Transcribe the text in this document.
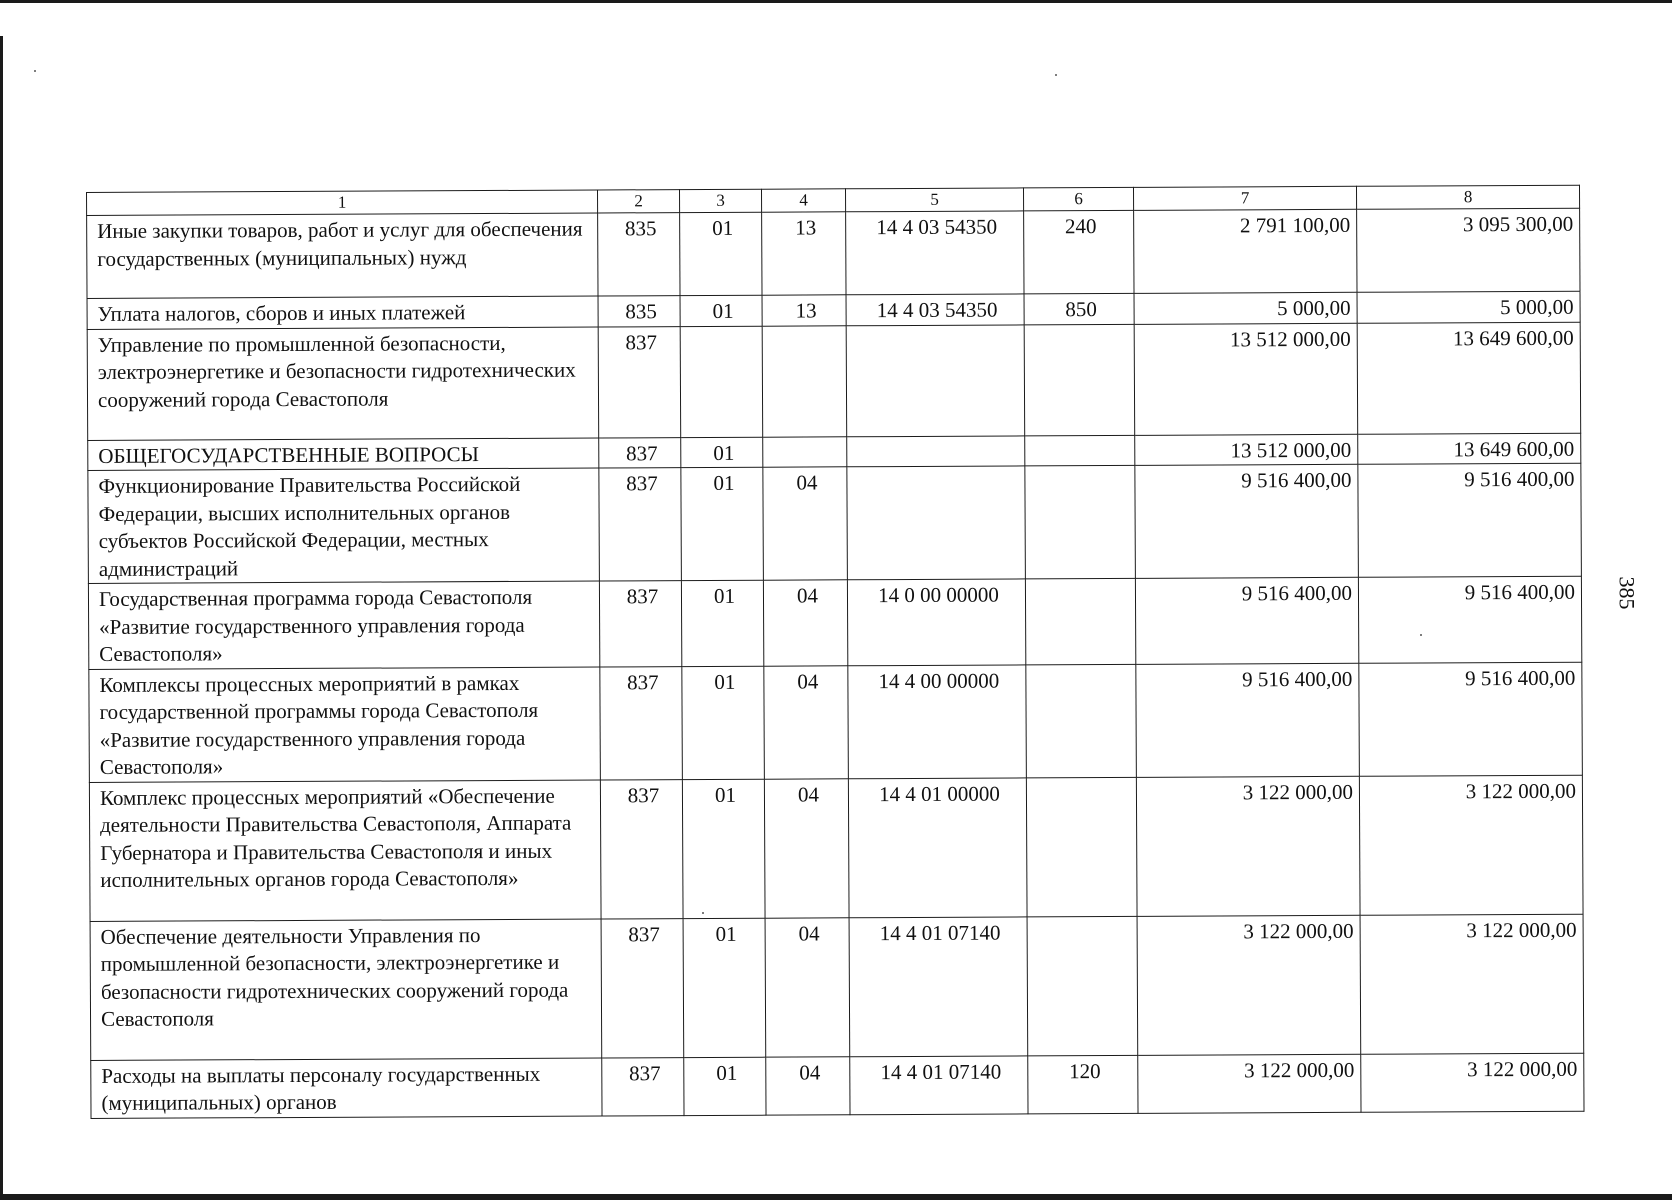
385
1	2	3	4	5	6	7	8
Иные закупки товаров, работ и услуг для обеспечения государственных (муниципальных) нужд	835	01	13	14 4 03 54350	240	2 791 100,00	3 095 300,00
Уплата налогов, сборов и иных платежей	835	01	13	14 4 03 54350	850	5 000,00	5 000,00
Управление по промышленной безопасности, электроэнергетике и безопасности гидротехнических сооружений города Севастополя	837					13 512 000,00	13 649 600,00
ОБЩЕГОСУДАРСТВЕННЫЕ ВОПРОСЫ	837	01				13 512 000,00	13 649 600,00
Функционирование Правительства Российской Федерации, высших исполнительных органов субъектов Российской Федерации, местных администраций	837	01	04			9 516 400,00	9 516 400,00
Государственная программа города Севастополя «Развитие государственного управления города Севастополя»	837	01	04	14 0 00 00000		9 516 400,00	9 516 400,00
Комплексы процессных мероприятий в рамках государственной программы города Севастополя «Развитие государственного управления города Севастополя»	837	01	04	14 4 00 00000		9 516 400,00	9 516 400,00
Комплекс процессных мероприятий «Обеспечение деятельности Правительства Севастополя, Аппарата Губернатора и Правительства Севастополя и иных исполнительных органов города Севастополя»	837	01	04	14 4 01 00000		3 122 000,00	3 122 000,00
Обеспечение деятельности Управления по промышленной безопасности, электроэнергетике и безопасности гидротехнических сооружений города Севастополя	837	01	04	14 4 01 07140		3 122 000,00	3 122 000,00
Расходы на выплаты персоналу государственных (муниципальных) органов	837	01	04	14 4 01 07140	120	3 122 000,00	3 122 000,00
